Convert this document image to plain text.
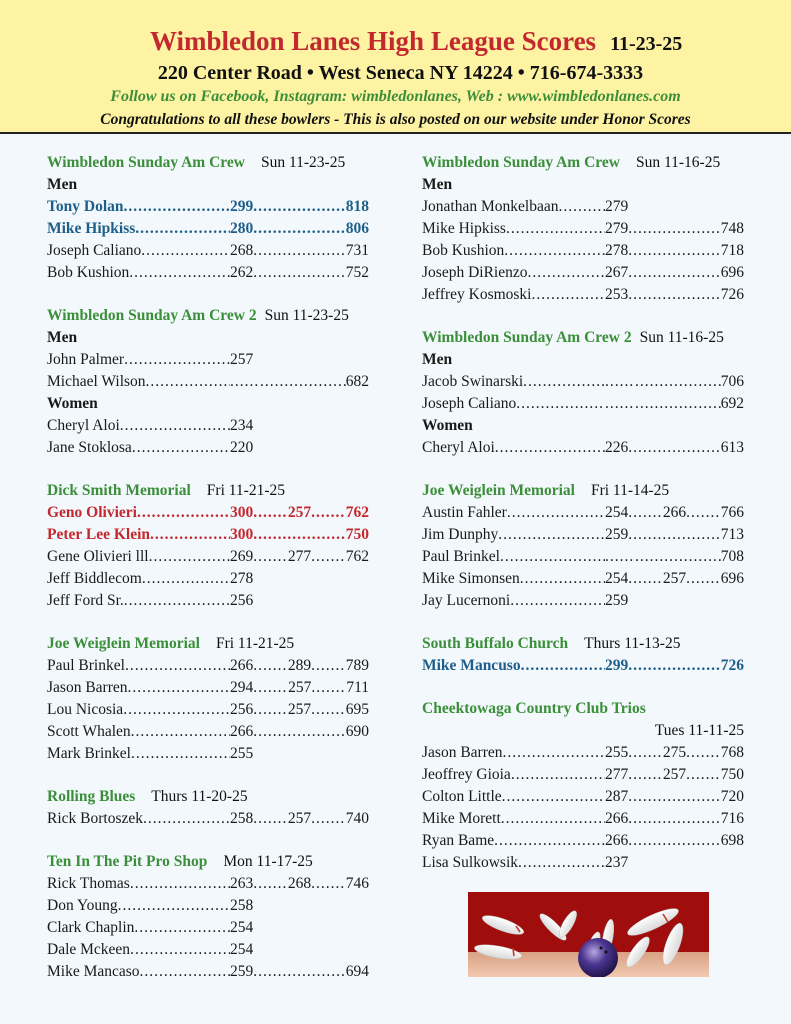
Wimbledon Lanes High League Scores 11-23-25
220 Center Road • West Seneca NY 14224 • 716-674-3333
Follow us on Facebook, Instagram: wimbledonlanes, Web : www.wimbledonlanes.com
Congratulations to all these bowlers - This is also posted on our website under Honor Scores
Wimbledon Sunday Am Crew Sun 11-23-25
Men
Tony Dolan .....	299 .....	818
Mike Hipkiss .....	280 .....	806
Joseph Caliano .....	268 .....	731
Bob Kushion .....	262 .....	752
Wimbledon Sunday Am Crew 2 Sun 11-23-25
Men
John Palmer .....	257
Michael Wilson ..... ..... .....	682
Women
Cheryl Aloi .....	234
Jane Stoklosa .....	220
Dick Smith Memorial Fri 11-21-25
Geno Olivieri .....	300 ..... 257 ..... 762
Peter Lee Klein .....	300 .....	750
Gene Olivieri lll .....	269 ..... 277 ..... 762
Jeff Biddlecom .....	278
Jeff Ford Sr. .....	256
Joe Weiglein Memorial Fri 11-21-25
Paul Brinkel .....	266 ..... 289 ..... 789
Jason Barren .....	294 ..... 257 ..... 711
Lou Nicosia .....	256 ..... 257 ..... 695
Scott Whalen .....	266 .....	690
Mark Brinkel .....	255
Rolling Blues Thurs 11-20-25
Rick Bortoszek .....	258 ..... 257 ..... 740
Ten In The Pit Pro Shop Mon 11-17-25
Rick Thomas .....	263 ..... 268 ..... 746
Don Young .....	258
Clark Chaplin .....	254
Dale Mckeen .....	254
Mike Mancaso .....	259 .....	694
Wimbledon Sunday Am Crew Sun 11-16-25
Men
Jonathan Monkelbaan .....	279
Mike Hipkiss .....	279 .....	748
Bob Kushion .....	278 .....	718
Joseph DiRienzo .....	267 .....	696
Jeffrey Kosmoski .....	253 .....	726
Wimbledon Sunday Am Crew 2 Sun 11-16-25
Men
Jacob Swinarski ..... ..... .....	706
Joseph Caliano ..... ..... .....	692
Women
Cheryl Aloi .....	226 .....	613
Joe Weiglein Memorial Fri 11-14-25
Austin Fahler .....	254 ..... 266 ..... 766
Jim Dunphy .....	259 .....	713
Paul Brinkel ..... ..... .....	708
Mike Simonsen .....	254 ..... 257 ..... 696
Jay Lucernoni .....	259
South Buffalo Church Thurs 11-13-25
Mike Mancuso .....	299 .....	726
Cheektowaga Country Club Trios
Tues 11-11-25
Jason Barren .....	255 ..... 275 ..... 768
Jeoffrey Gioia .....	277 ..... 257 ..... 750
Colton Little .....	287 .....	720
Mike Morett .....	266 .....	716
Ryan Bame .....	266 .....	698
Lisa Sulkowsik .....	237
